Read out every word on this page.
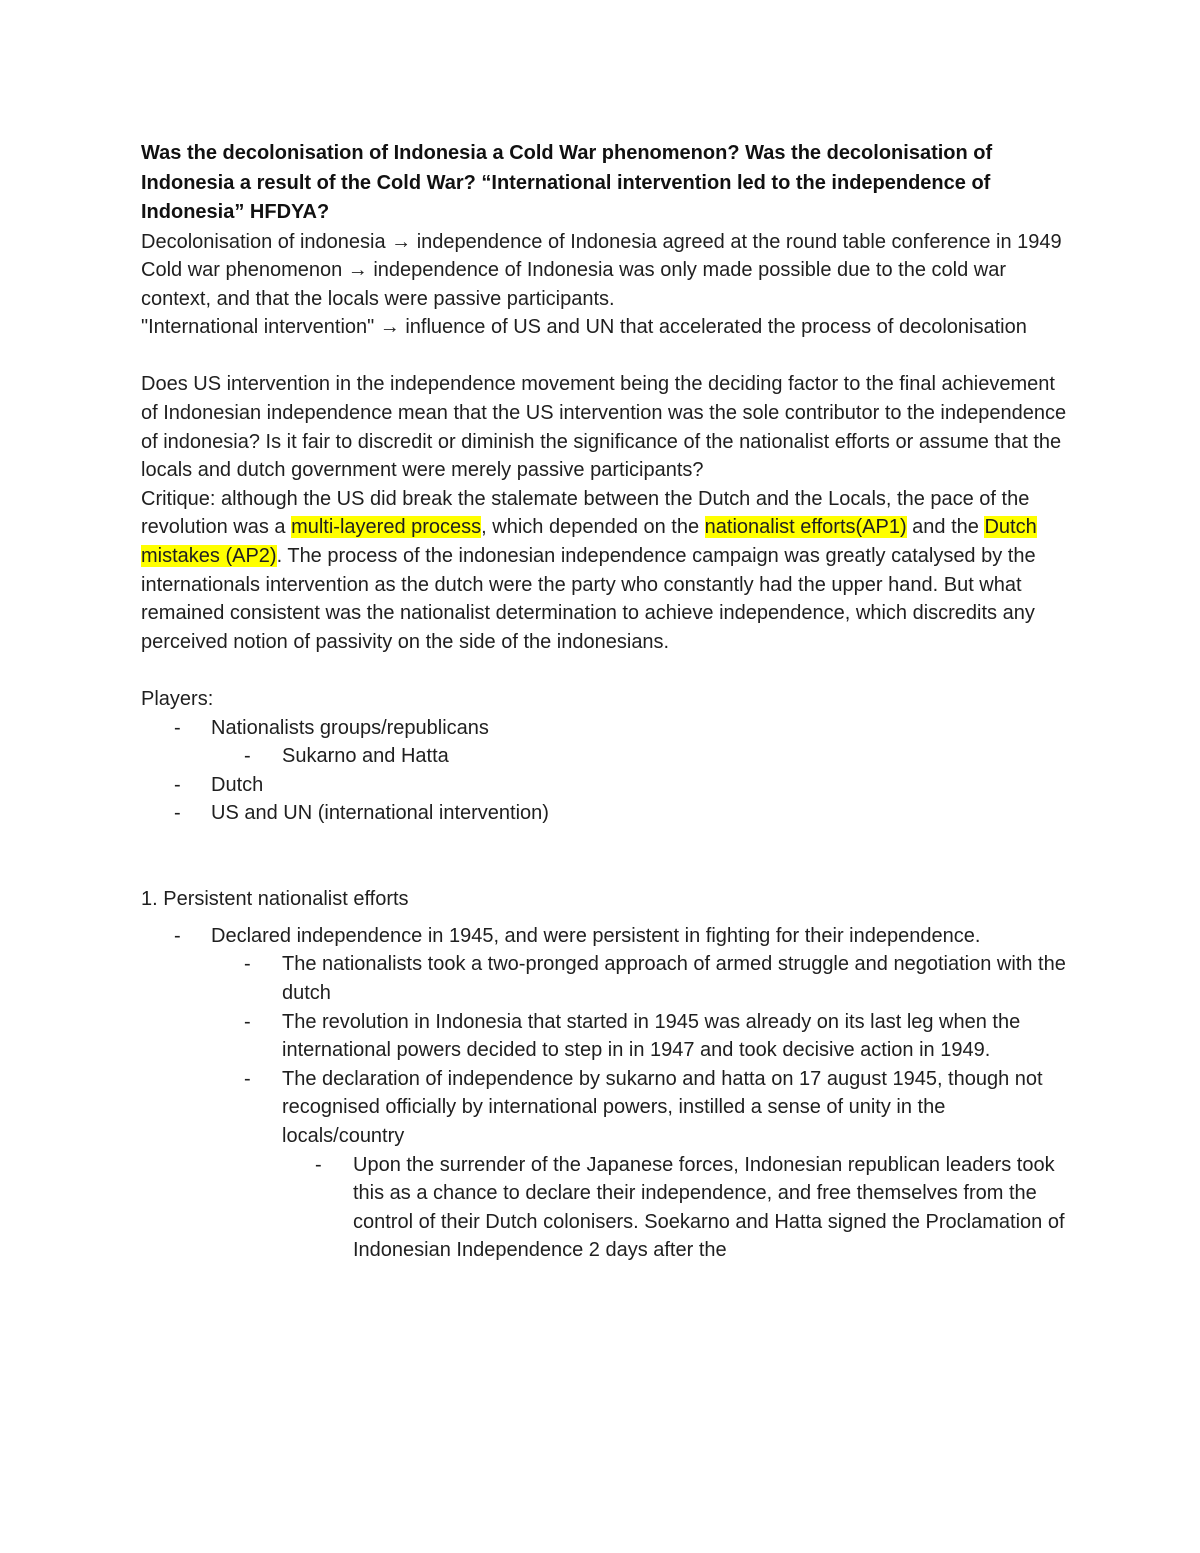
Was the decolonisation of Indonesia a Cold War phenomenon? Was the decolonisation of Indonesia a result of the Cold War? “International intervention led to the independence of Indonesia” HFDYA?

Decolonisation of indonesia → independence of Indonesia agreed at the round table conference in 1949

Cold war phenomenon → independence of Indonesia was only made possible due to the cold war context, and that the locals were passive participants.

"International intervention" → influence of US and UN that accelerated the process of decolonisation

Does US intervention in the independence movement being the deciding factor to the final achievement of Indonesian independence mean that the US intervention was the sole contributor to the independence of indonesia? Is it fair to discredit or diminish the significance of the nationalist efforts or assume that the locals and dutch government were merely passive participants?

Critique: although the US did break the stalemate between the Dutch and the Locals, the pace of the revolution was a multi-layered process, which depended on the nationalist efforts(AP1) and the Dutch mistakes (AP2). The process of the indonesian independence campaign was greatly catalysed by the internationals intervention as the dutch were the party who constantly had the upper hand. But what remained consistent was the nationalist determination to achieve independence, which discredits any perceived notion of passivity on the side of the indonesians.

Players:

- Nationalists groups/republicans
- Sukarno and Hatta
- Dutch
- US and UN (international intervention)

1. Persistent nationalist efforts

- Declared independence in 1945, and were persistent in fighting for their independence.
- The nationalists took a two-pronged approach of armed struggle and negotiation with the dutch
- The revolution in Indonesia that started in 1945 was already on its last leg when the international powers decided to step in in 1947 and took decisive action in 1949.
- The declaration of independence by sukarno and hatta on 17 august 1945, though not recognised officially by international powers, instilled a sense of unity in the locals/country
- Upon the surrender of the Japanese forces, Indonesian republican leaders took this as a chance to declare their independence, and free themselves from the control of their Dutch colonisers. Soekarno and Hatta signed the Proclamation of Indonesian Independence 2 days after the
